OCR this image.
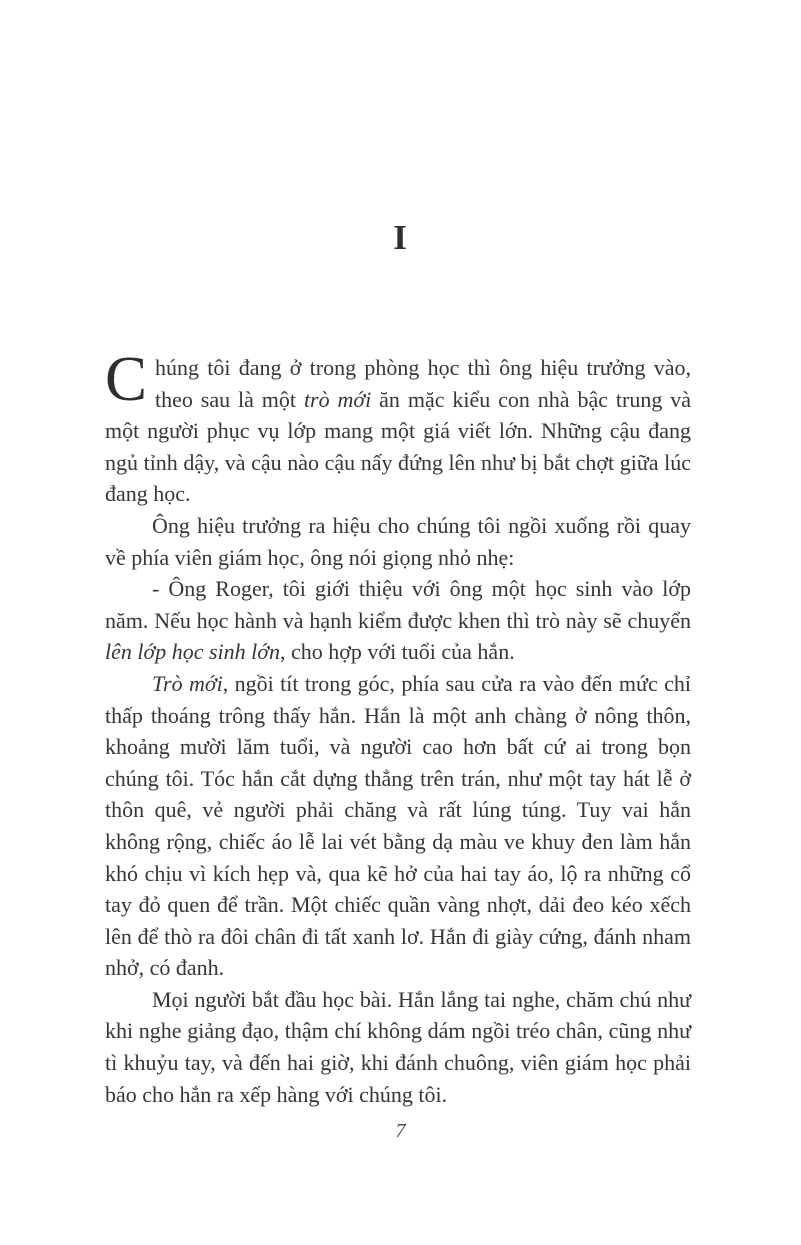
I

Chúng tôi đang ở trong phòng học thì ông hiệu trưởng vào, theo sau là một trò mới ăn mặc kiểu con nhà bậc trung và một người phục vụ lớp mang một giá viết lớn. Những cậu đang ngủ tỉnh dậy, và cậu nào cậu nấy đứng lên như bị bắt chợt giữa lúc đang học.

Ông hiệu trưởng ra hiệu cho chúng tôi ngồi xuống rồi quay về phía viên giám học, ông nói giọng nhỏ nhẹ:

- Ông Roger, tôi giới thiệu với ông một học sinh vào lớp năm. Nếu học hành và hạnh kiểm được khen thì trò này sẽ chuyển lên lớp học sinh lớn, cho hợp với tuổi của hắn.

Trò mới, ngồi tít trong góc, phía sau cửa ra vào đến mức chỉ thấp thoáng trông thấy hắn. Hắn là một anh chàng ở nông thôn, khoảng mười lăm tuổi, và người cao hơn bất cứ ai trong bọn chúng tôi. Tóc hắn cắt dựng thẳng trên trán, như một tay hát lễ ở thôn quê, vẻ người phải chăng và rất lúng túng. Tuy vai hắn không rộng, chiếc áo lễ lai vét bằng dạ màu ve khuy đen làm hắn khó chịu vì kích hẹp và, qua kẽ hở của hai tay áo, lộ ra những cổ tay đỏ quen để trần. Một chiếc quần vàng nhợt, dải đeo kéo xếch lên để thò ra đôi chân đi tất xanh lơ. Hắn đi giày cứng, đánh nham nhở, có đanh.

Mọi người bắt đầu học bài. Hắn lắng tai nghe, chăm chú như khi nghe giảng đạo, thậm chí không dám ngồi tréo chân, cũng như tì khuỷu tay, và đến hai giờ, khi đánh chuông, viên giám học phải báo cho hắn ra xếp hàng với chúng tôi.

7
